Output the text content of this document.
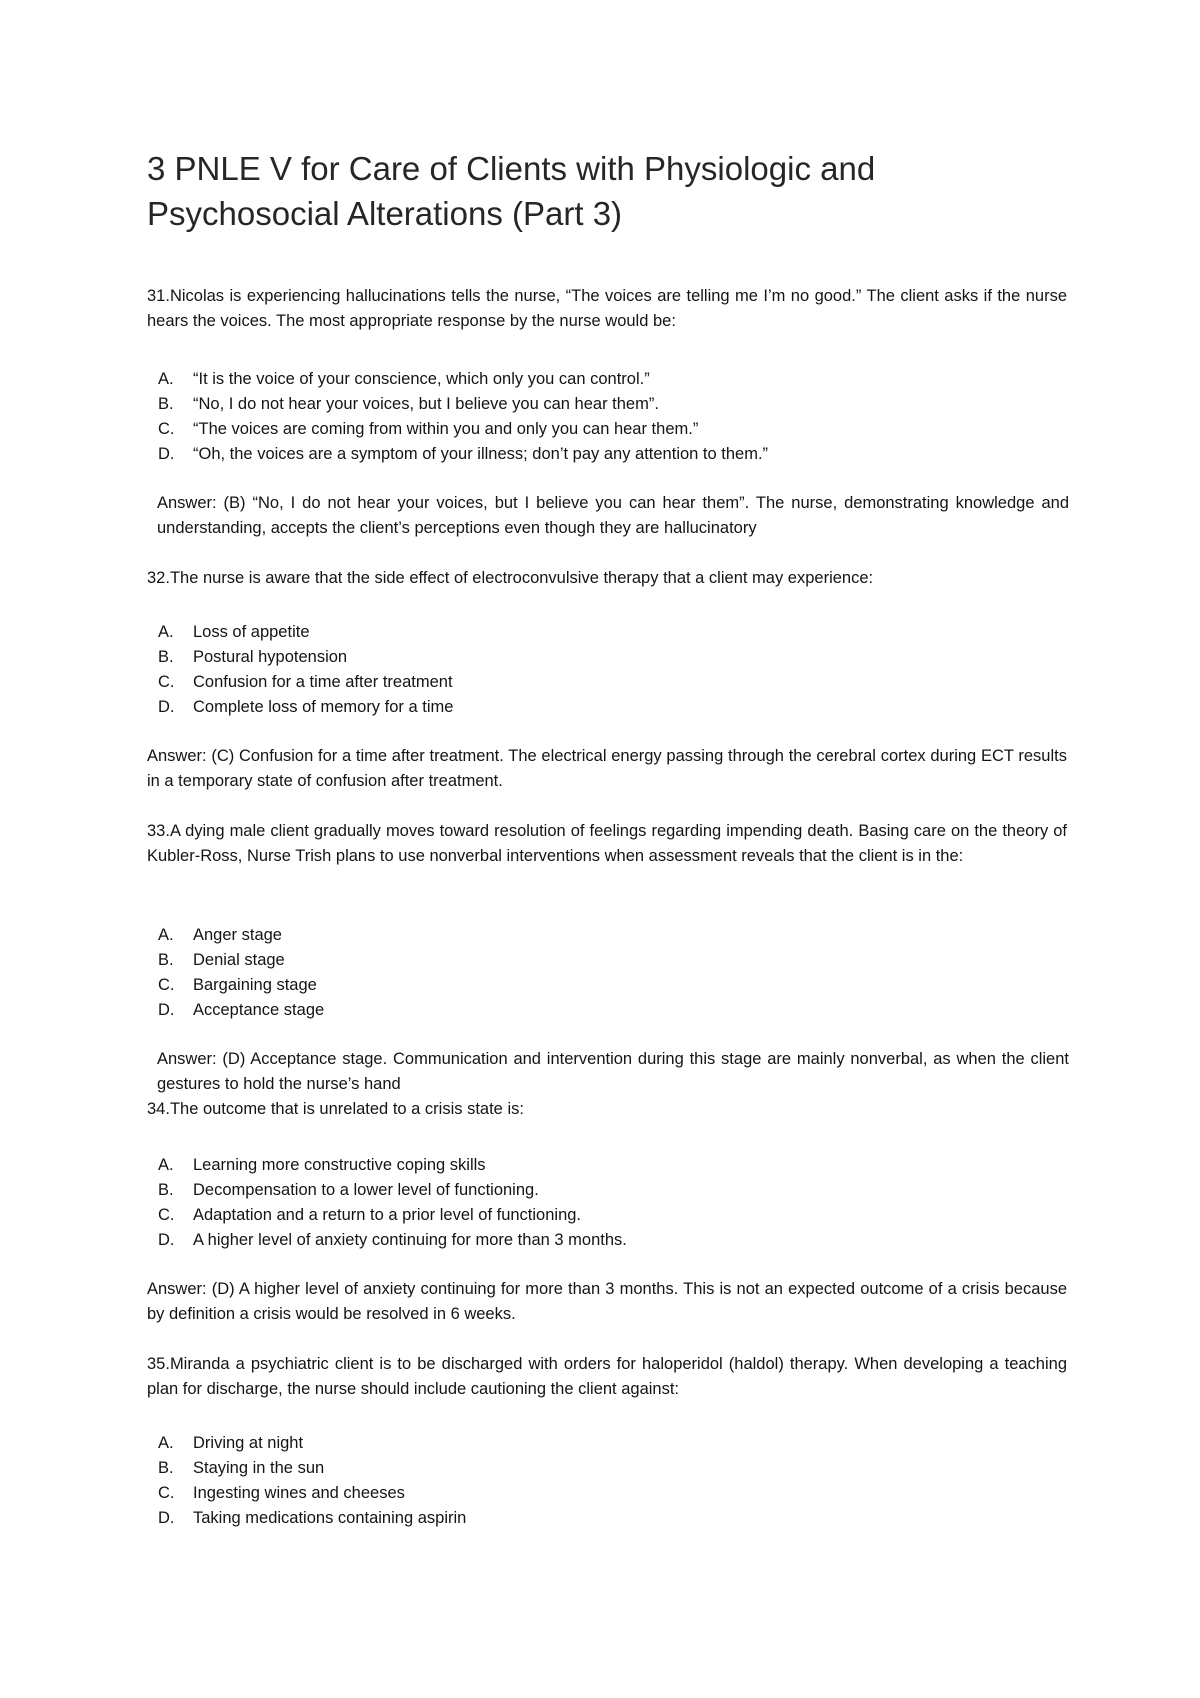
3 PNLE V for Care of Clients with Physiologic and Psychosocial Alterations (Part 3)

31.Nicolas is experiencing hallucinations tells the nurse, “The voices are telling me I’m no good.” The client asks if the nurse hears the voices. The most appropriate response by the nurse would be:

A.	“It is the voice of your conscience, which only you can control.”
B.	“No, I do not hear your voices, but I believe you can hear them”.
C.	“The voices are coming from within you and only you can hear them.”
D.	“Oh, the voices are a symptom of your illness; don’t pay any attention to them.”

Answer: (B) “No, I do not hear your voices, but I believe you can hear them”. The nurse, demonstrating knowledge and understanding, accepts the client’s perceptions even though they are hallucinatory

32.The nurse is aware that the side effect of electroconvulsive therapy that a client may experience:

A.	Loss of appetite
B.	Postural hypotension
C.	Confusion for a time after treatment
D.	Complete loss of memory for a time

Answer: (C) Confusion for a time after treatment. The electrical energy passing through the cerebral cortex during ECT results in a temporary state of confusion after treatment.

33.A dying male client gradually moves toward resolution of feelings regarding impending death. Basing care on the theory of Kubler-Ross, Nurse Trish plans to use nonverbal interventions when assessment reveals that the client is in the:

A.	Anger stage
B.	Denial stage
C.	Bargaining stage
D.	Acceptance stage

Answer: (D) Acceptance stage. Communication and intervention during this stage are mainly nonverbal, as when the client gestures to hold the nurse’s hand

34.The outcome that is unrelated to a crisis state is:

A.	Learning more constructive coping skills
B.	Decompensation to a lower level of functioning.
C.	Adaptation and a return to a prior level of functioning.
D.	A higher level of anxiety continuing for more than 3 months.

Answer: (D) A higher level of anxiety continuing for more than 3 months. This is not an expected outcome of a crisis because by definition a crisis would be resolved in 6 weeks.

35.Miranda a psychiatric client is to be discharged with orders for haloperidol (haldol) therapy. When developing a teaching plan for discharge, the nurse should include cautioning the client against:

A.	Driving at night
B.	Staying in the sun
C.	Ingesting wines and cheeses
D.	Taking medications containing aspirin
